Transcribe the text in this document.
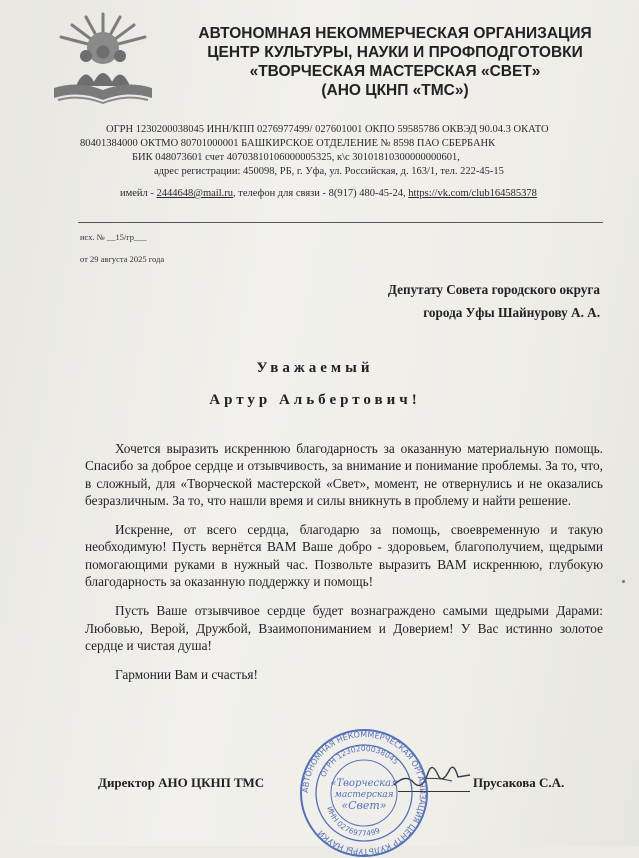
АВТОНОМНАЯ НЕКОММЕРЧЕСКАЯ ОРГАНИЗАЦИЯ
ЦЕНТР КУЛЬТУРЫ, НАУКИ И ПРОФПОДГОТОВКИ
«ТВОРЧЕСКАЯ МАСТЕРСКАЯ «СВЕТ»
(АНО ЦКНП «ТМС»)
ОГРН 1230200038045 ИНН/КПП 0276977499/ 027601001 ОКПО 59585786 ОКВЭД 90.04.3 ОКАТО
80401384000 ОКТМО 80701000001 БАШКИРСКОЕ ОТДЕЛЕНИЕ № 8598 ПАО СБЕРБАНК
БИК 048073601 счет 40703810106000005325, к\с 30101810300000000601,
адрес регистрации: 450098, РБ, г. Уфа, ул. Российская, д. 163/1, тел. 222-45-15
имейл - 2444648@mail.ru, телефон для связи - 8(917) 480-45-24, https://vk.com/club164585378
исх. № __15/гр___
от 29 августа 2025 года
Депутату Совета городского округа
города Уфы Шайнурову А. А.
Уважаемый
Артур Альбертович!

Хочется выразить искреннюю благодарность за оказанную материальную помощь. Спасибо за доброе сердце и отзывчивость, за внимание и понимание проблемы. За то, что, в сложный, для «Творческой мастерской «Свет», момент, не отвернулись и не оказались безразличным. За то, что нашли время и силы вникнуть в проблему и найти решение.

Искренне, от всего сердца, благодарю за помощь, своевременную и такую необходимую! Пусть вернётся ВАМ Ваше добро - здоровьем, благополучием, щедрыми помогающими руками в нужный час. Позвольте выразить ВАМ искреннюю, глубокую благодарность за оказанную поддержку и помощь!

Пусть Ваше отзывчивое сердце будет вознаграждено самыми щедрыми Дарами: Любовью, Верой, Дружбой, Взаимопониманием и Доверием! У Вас истинно золотое сердце и чистая душа!

Гармонии Вам и счастья!

Директор АНО ЦКНП ТМС	Прусакова С.А.
АВТОНОМНАЯ НЕКОММЕРЧЕСКАЯ ОРГАНИЗАЦИЯ ЦЕНТР КУЛЬТУРЫ НАУКИ
ОГРН 1230200038045
ИНН 0276977499
«Творческая
мастерская
«Свет»
